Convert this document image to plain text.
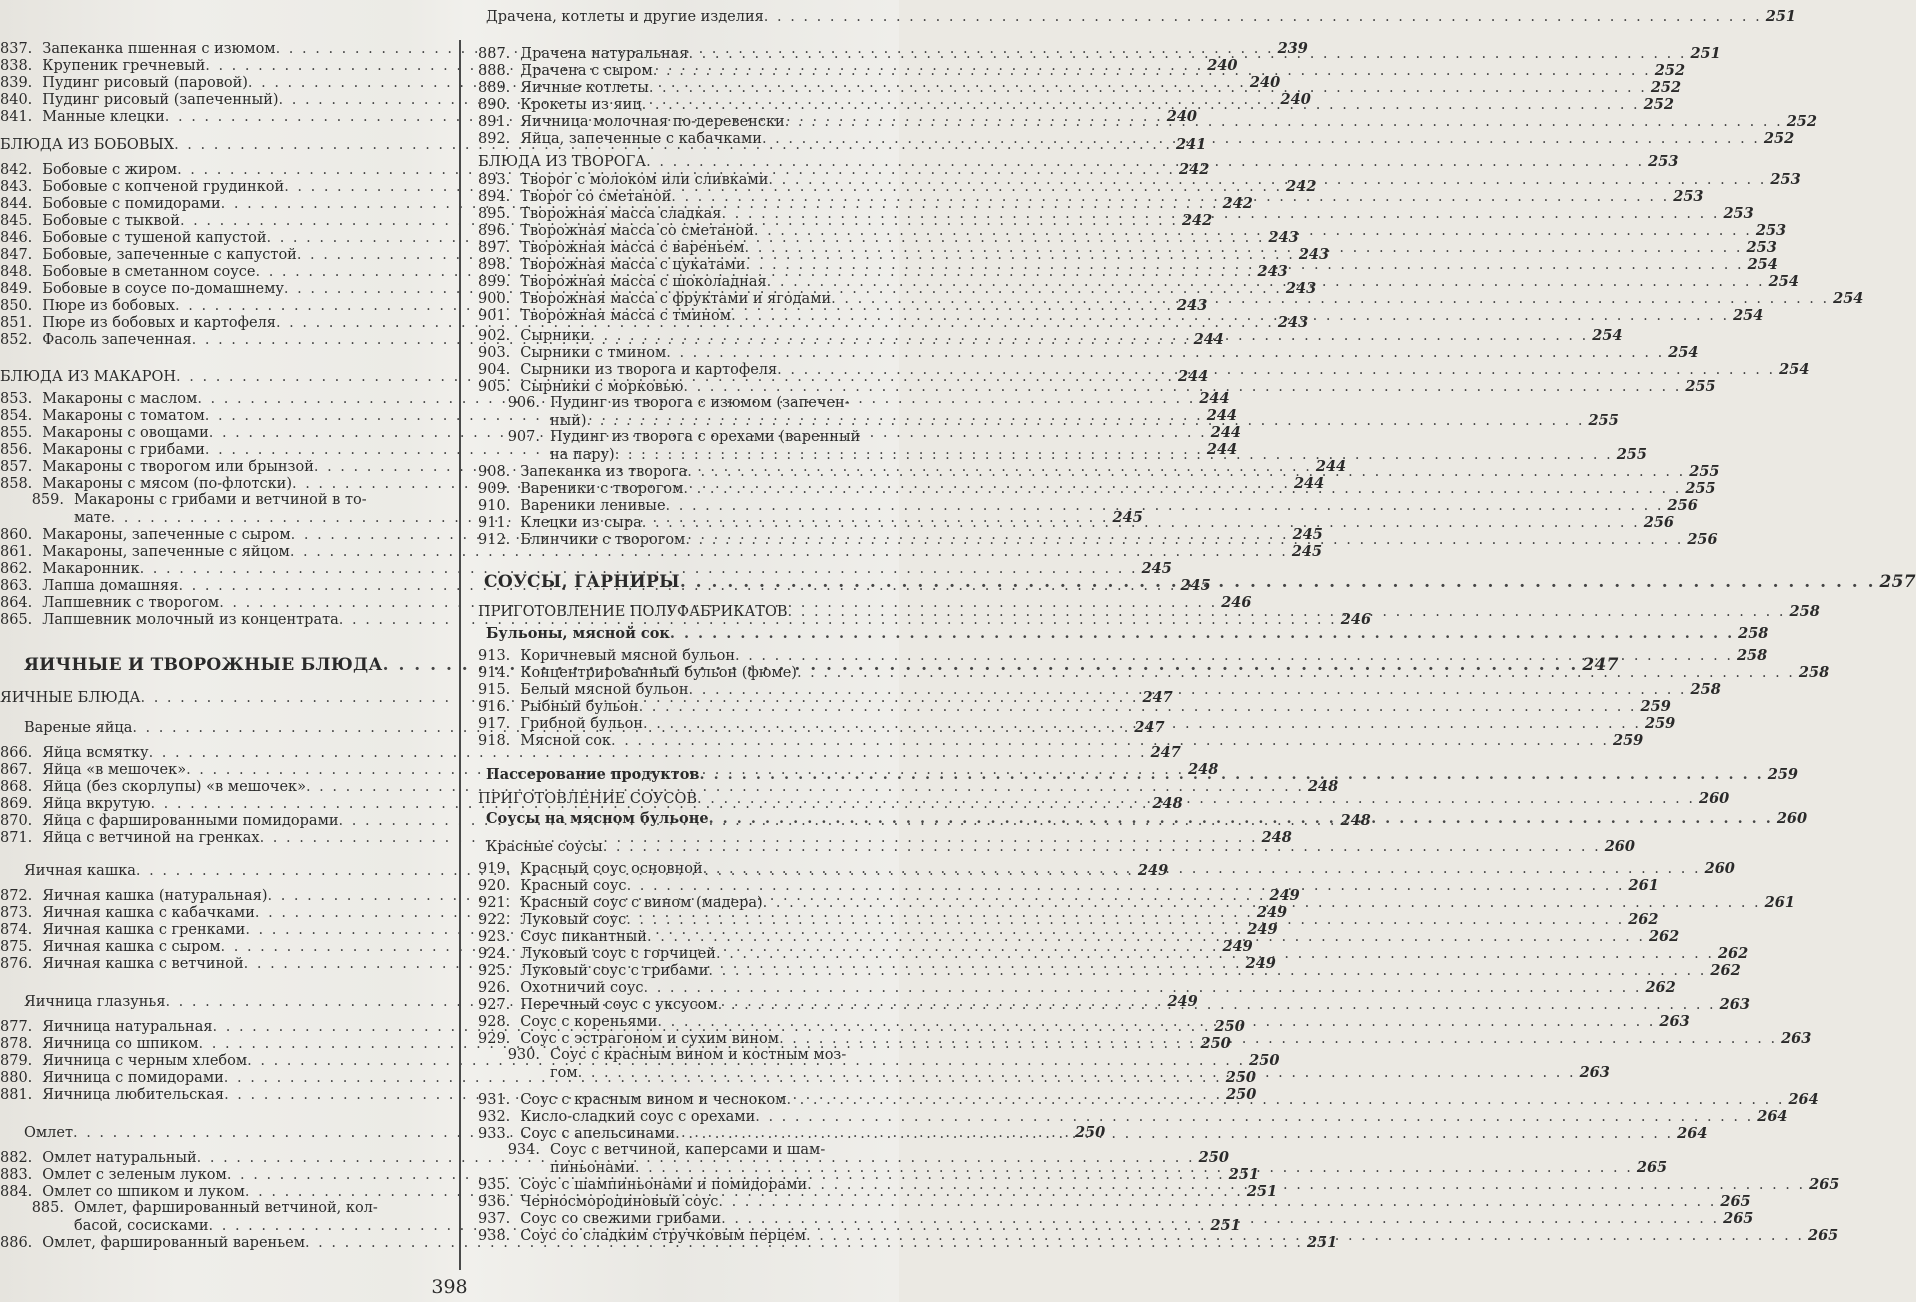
837. Запеканка пшенная с изюмом . . .	239
838. Крупеник гречневый . . .	240
839. Пудинг рисовый (паровой) . . .	240
840. Пудинг рисовый (запеченный) . . .	240
841. Манные клецки . . .	240
БЛЮДА ИЗ БОБОВЫХ . . .	241
842. Бобовые с жиром . . .	242
843. Бобовые с копченой грудинкой . . .	242
844. Бобовые с помидорами . . .	242
845. Бобовые с тыквой . . .	242
846. Бобовые с тушеной капустой . . .	243
847. Бобовые, запеченные с капустой . . .	243
848. Бобовые в сметанном соусе . . .	243
849. Бобовые в соусе по-домашнему . . .	243
850. Пюре из бобовых . . .	243
851. Пюре из бобовых и картофеля . . .	243
852. Фасоль запеченная . . .	244
БЛЮДА ИЗ МАКАРОН . . .	244
853. Макароны с маслом . . .	244
854. Макароны с томатом . . .	244
855. Макароны с овощами . . .	244
856. Макароны с грибами . . .	244
857. Макароны с творогом или брынзой . . .	244
858. Макароны с мясом (по-флотски) . . .	244
859. Макароны с грибами и ветчиной в то-
мате . . .	245
860. Макароны, запеченные с сыром . . .	245
861. Макароны, запеченные с яйцом . . .	245
862. Макаронник . . .	245
863. Лапша домашняя . . .	245
864. Лапшевник с творогом . . .	246
865. Лапшевник молочный из концентрата . . .	246
ЯИЧНЫЕ И ТВОРОЖНЫЕ БЛЮДА . . .	247
ЯИЧНЫЕ БЛЮДА . . .	247
Вареные яйца . . .	247
866. Яйца всмятку . . .	247
867. Яйца «в мешочек» . . .	248
868. Яйца (без скорлупы) «в мешочек» . . .	248
869. Яйца вкрутую . . .	248
870. Яйца с фаршированными помидорами . . .	248
871. Яйца с ветчиной на гренках . . .	248
Яичная кашка . . .	249
872. Яичная кашка (натуральная) . . .	249
873. Яичная кашка с кабачками . . .	249
874. Яичная кашка с гренками . . .	249
875. Яичная кашка с сыром . . .	249
876. Яичная кашка с ветчиной . . .	249
Яичница глазунья . . .	249
877. Яичница натуральная . . .	250
878. Яичница со шпиком . . .	250
879. Яичница с черным хлебом . . .	250
880. Яичница с помидорами . . .	250
881. Яичница любительская . . .	250
Омлет . . .	250
882. Омлет натуральный . . .	250
883. Омлет с зеленым луком . . .	251
884. Омлет со шпиком и луком . . .	251
885. Омлет, фаршированный ветчиной, кол-
басой, сосисками . . .	251
886. Омлет, фаршированный вареньем . . .	251
Драчена, котлеты и другие изделия . . .	251
887. Драчена натуральная . . .	251
888. Драчена с сыром . . .	252
889. Яичные котлеты . . .	252
890. Крокеты из яиц . . .	252
891. Яичница молочная по-деревенски . . .	252
892. Яйца, запеченные с кабачками . . .	252
БЛЮДА ИЗ ТВОРОГА . . .	253
893. Творог с молоком или сливками . . .	253
894. Творог со сметаной . . .	253
895. Творожная масса сладкая . . .	253
896. Творожная масса со сметаной . . .	253
897. Творожная масса с вареньем . . .	253
898. Творожная масса с цукатами . . .	254
899. Творожная масса с шоколадная . . .	254
900. Творожная масса с фруктами и ягодами . . .	254
901. Творожная масса с тмином . . .	254
902. Сырники . . .	254
903. Сырники с тмином . . .	254
904. Сырники из творога и картофеля . . .	254
905. Сырники с морковью . . .	255
906. Пудинг из творога с изюмом (запечен-
ный) . . .	255
907. Пудинг из творога с орехами (варенный
на пару) . . .	255
908. Запеканка из творога . . .	255
909. Вареники с творогом . . .	255
910. Вареники ленивые . . .	256
911. Клецки из сыра . . .	256
912. Блинчики с творогом . . .	256
СОУСЫ, ГАРНИРЫ . . .	257
ПРИГОТОВЛЕНИЕ ПОЛУФАБРИКАТОВ . . .	258
Бульоны, мясной сок . . .	258
913. Коричневый мясной бульон . . .	258
914. Концентрированный бульон (фюме) . . .	258
915. Белый мясной бульон . . .	258
916. Рыбный бульон . . .	259
917. Грибной бульон . . .	259
918. Мясной сок . . .	259
Пассерование продуктов . . .	259
ПРИГОТОВЛЕНИЕ СОУСОВ . . .	260
Соусы на мясном бульоне . . .	260
Красные соусы . . .	260
919. Красный соус основной . . .	260
920. Красный соус . . .	261
921. Красный соус с вином (мадера) . . .	261
922. Луковый соус . . .	262
923. Соус пикантный . . .	262
924. Луковый соус с горчицей . . .	262
925. Луковый соус с грибами . . .	262
926. Охотничий соус . . .	262
927. Перечный соус с уксусом . . .	263
928. Соус с кореньями . . .	263
929. Соус с эстрагоном и сухим вином . . .	263
930. Соус с красным вином и костным моз-
гом . . .	263
931. Соус с красным вином и чесноком . . .	264
932. Кисло-сладкий соус с орехами . . .	264
933. Соус с апельсинами . . .	264
934. Соус с ветчиной, каперсами и шам-
пиньонами . . .	265
935. Соус с шампиньонами и помидорами . . .	265
936. Черносмородиновый соус . . .	265
937. Соус со свежими грибами . . .	265
938. Соус со сладким стручковым перцем . . .	265
398
